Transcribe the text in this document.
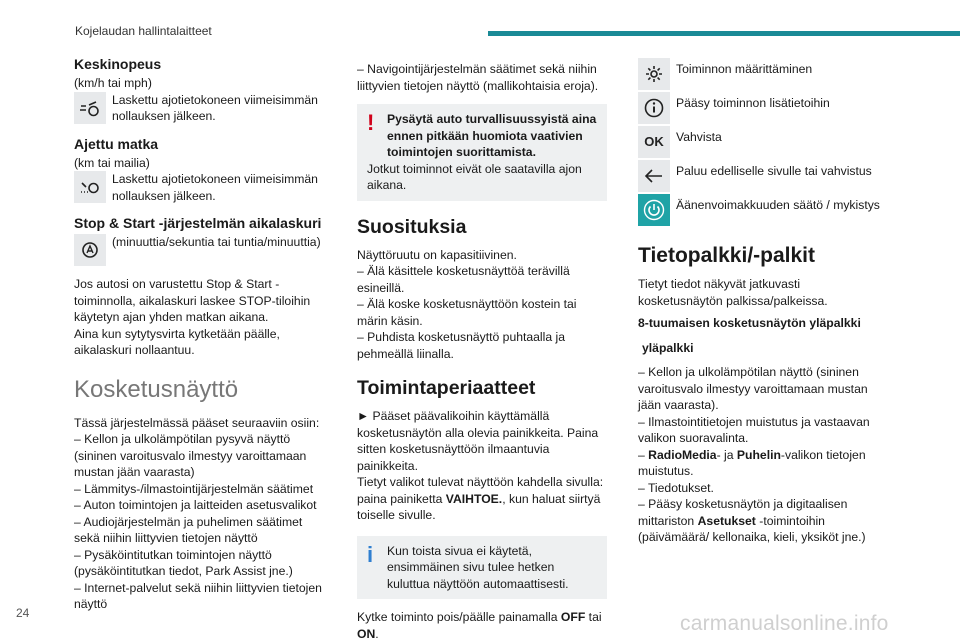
Kojelaudan hallintalaitteet
Keskinopeus

(km/h tai mph)

Laskettu ajotietokoneen viimeisimmän nollauksen jälkeen.
Ajettu matka

(km tai mailia)

Laskettu ajotietokoneen viimeisimmän nollauksen jälkeen.
Stop & Start -järjestelmän aikalaskuri
(minuuttia/sekuntia tai tuntia/minuuttia)

Jos autosi on varustettu Stop & Start -toiminnolla, aikalaskuri laskee STOP-tiloihin käytetyn ajan yhden matkan aikana.
Aina kun sytytysvirta kytketään päälle, aikalaskuri nollaantuu.

Kosketusnäyttö

Tässä järjestelmässä pääset seuraaviin osiin:

– Kellon ja ulkolämpötilan pysyvä näyttö (sininen varoitusvalo ilmestyy varoittamaan mustan jään vaarasta)

– Lämmitys-/ilmastointijärjestelmän säätimet

– Auton toimintojen ja laitteiden asetusvalikot

– Audiojärjestelmän ja puhelimen säätimet sekä niihin liittyvien tietojen näyttö

– Pysäköintitutkan toimintojen näyttö (pysäköintitutkan tiedot, Park Assist jne.)

– Internet-palvelut sekä niihin liittyvien tietojen näyttö

– Navigointijärjestelmän säätimet sekä niihin liittyvien tietojen näyttö (mallikohtaisia eroja).

!	Pysäytä auto turvallisuussyistä aina ennen pitkään huomiota vaativien toimintojen suorittamista.
Jotkut toiminnot eivät ole saatavilla ajon aikana.
Suosituksia

Näyttöruutu on kapasitiivinen.

– Älä käsittele kosketusnäyttöä terävillä esineillä.

– Älä koske kosketusnäyttöön kostein tai märin käsin.

– Puhdista kosketusnäyttö puhtaalla ja pehmeällä liinalla.

Toimintaperiaatteet

► Pääset päävalikoihin käyttämällä kosketusnäytön alla olevia painikkeita. Paina sitten kosketusnäyttöön ilmaantuvia painikkeita.

Tietyt valikot tulevat näyttöön kahdella sivulla: paina painiketta VAIHTOE., kun haluat siirtyä toiselle sivulle.

i	Kun toista sivua ei käytetä, ensimmäinen sivu tulee hetken kuluttua näyttöön automaattisesti.

Kytke toiminto pois/päälle painamalla OFF tai ON.

Toiminnon määrittäminen
Pääsy toiminnon lisätietoihin
OK	Vahvista
Paluu edelliselle sivulle tai vahvistus
Äänenvoimakkuuden säätö / mykistys
Tietopalkki/-palkit

Tietyt tiedot näkyvät jatkuvasti kosketusnäytön palkissa/palkeissa.

8-tuumaisen kosketusnäytön yläpalkki

yläpalkki

– Kellon ja ulkolämpötilan näyttö (sininen varoitusvalo ilmestyy varoittamaan mustan jään vaarasta).

– Ilmastointitietojen muistutus ja vastaavan valikon suoravalinta.

– RadioMedia- ja Puhelin-valikon tietojen muistutus.

– Tiedotukset.

– Pääsy kosketusnäytön ja digitaalisen mittariston Asetukset -toimintoihin (päivämäärä/ kellonaika, kieli, yksiköt jne.)

24	carmanualsonline.info
